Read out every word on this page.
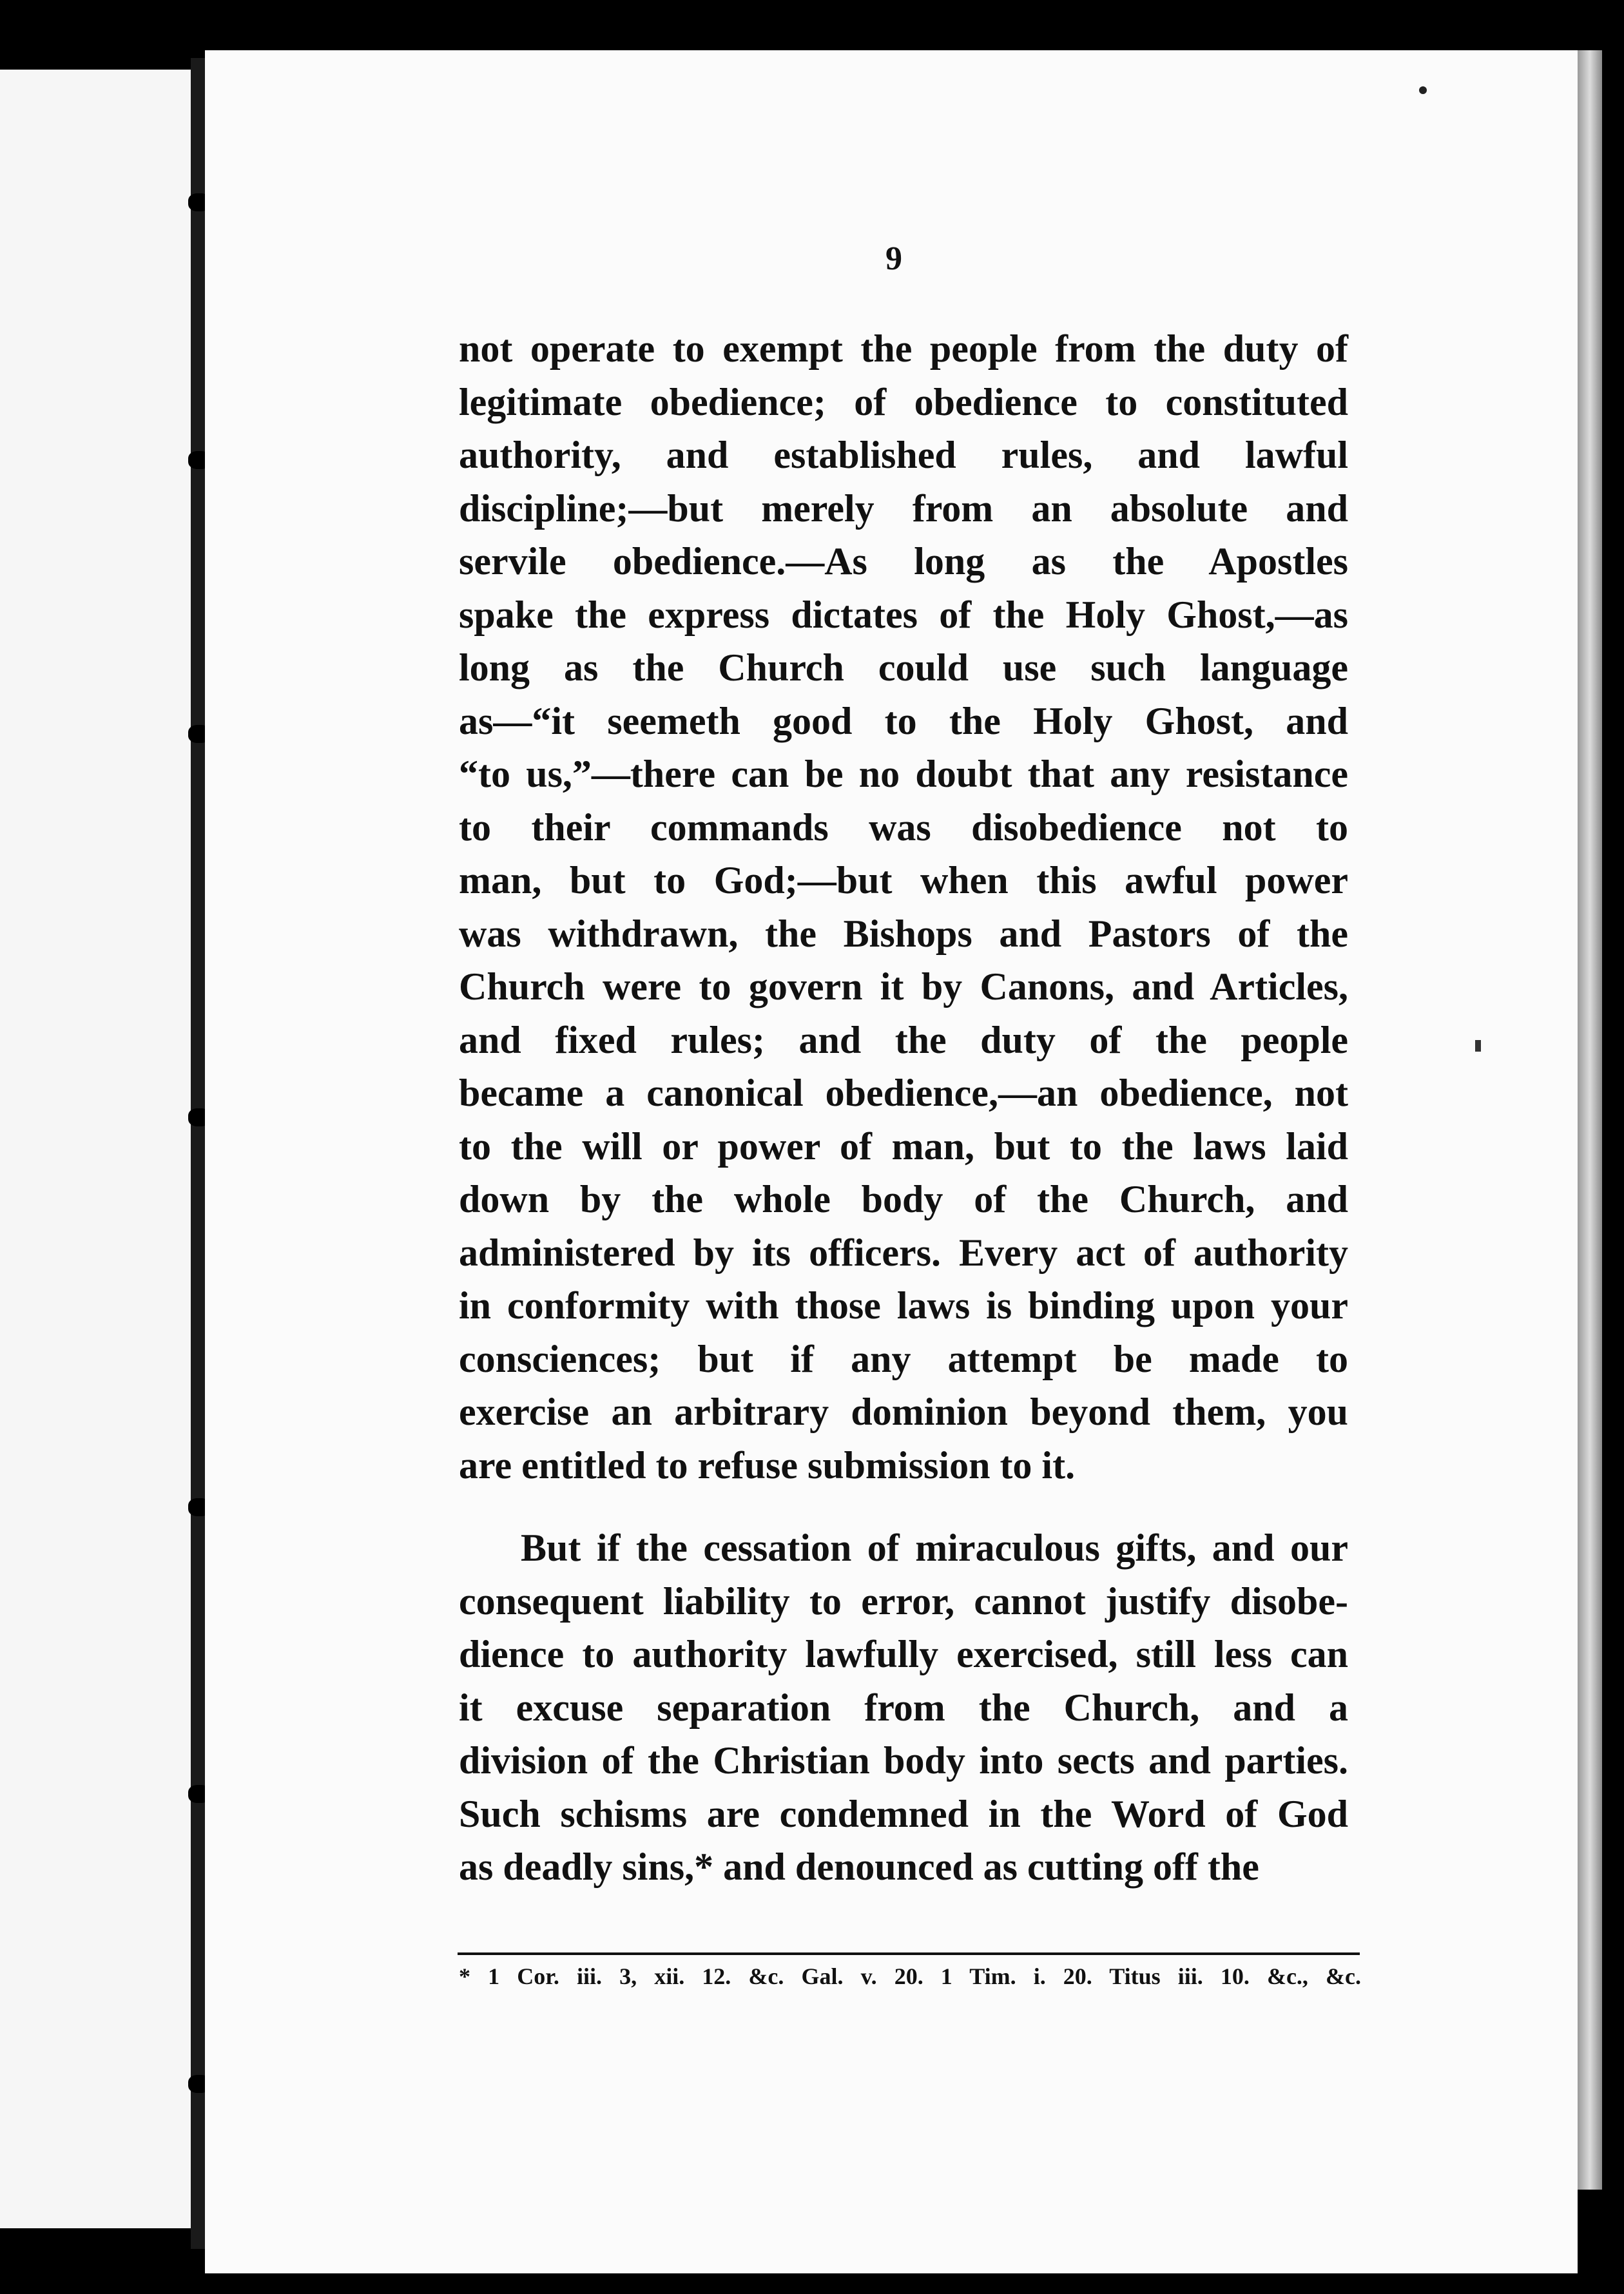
9
not operate to exempt the people from the duty of
legitimate obedience; of obedience to constituted
authority, and established rules, and lawful
discipline;—but merely from an absolute and
servile obedience.—As long as the Apostles
spake the express dictates of the Holy Ghost,—as
long as the Church could use such language
as—“it seemeth good to the Holy Ghost, and
“to us,”—there can be no doubt that any resistance
to their commands was disobedience not to
man, but to God;—but when this awful power
was withdrawn, the Bishops and Pastors of the
Church were to govern it by Canons, and Articles,
and fixed rules; and the duty of the people
became a canonical obedience,—an obedience, not
to the will or power of man, but to the laws laid
down by the whole body of the Church, and
administered by its officers. Every act of authority
in conformity with those laws is binding upon your
consciences; but if any attempt be made to
exercise an arbitrary dominion beyond them, you
are entitled to refuse submission to it.
But if the cessation of miraculous gifts, and our
consequent liability to error, cannot justify disobe-
dience to authority lawfully exercised, still less can
it excuse separation from the Church, and a
division of the Christian body into sects and parties.
Such schisms are condemned in the Word of God
as deadly sins,* and denounced as cutting off the
* 1 Cor. iii. 3, xii. 12. &c. Gal. v. 20. 1 Tim. i. 20. Titus iii. 10. &c., &c.
